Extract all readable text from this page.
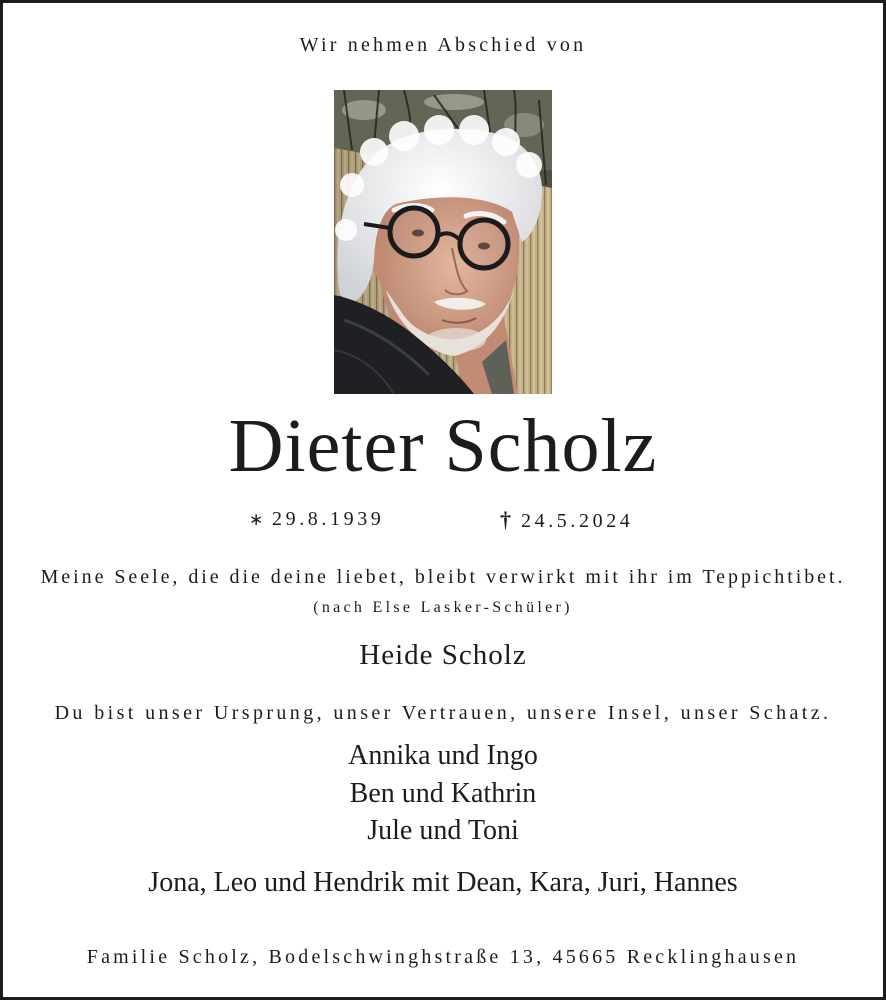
Wir nehmen Abschied von
Dieter Scholz
∗ 29.8.1939	† 24.5.2024
Meine Seele, die die deine liebet, bleibt verwirkt mit ihr im Teppichtibet.
(nach Else Lasker-Schüler)
Heide Scholz
Du bist unser Ursprung, unser Vertrauen, unsere Insel, unser Schatz.
Annika und Ingo
Ben und Kathrin
Jule und Toni
Jona, Leo und Hendrik mit Dean, Kara, Juri, Hannes
Familie Scholz, Bodelschwinghstraße 13, 45665 Recklinghausen
